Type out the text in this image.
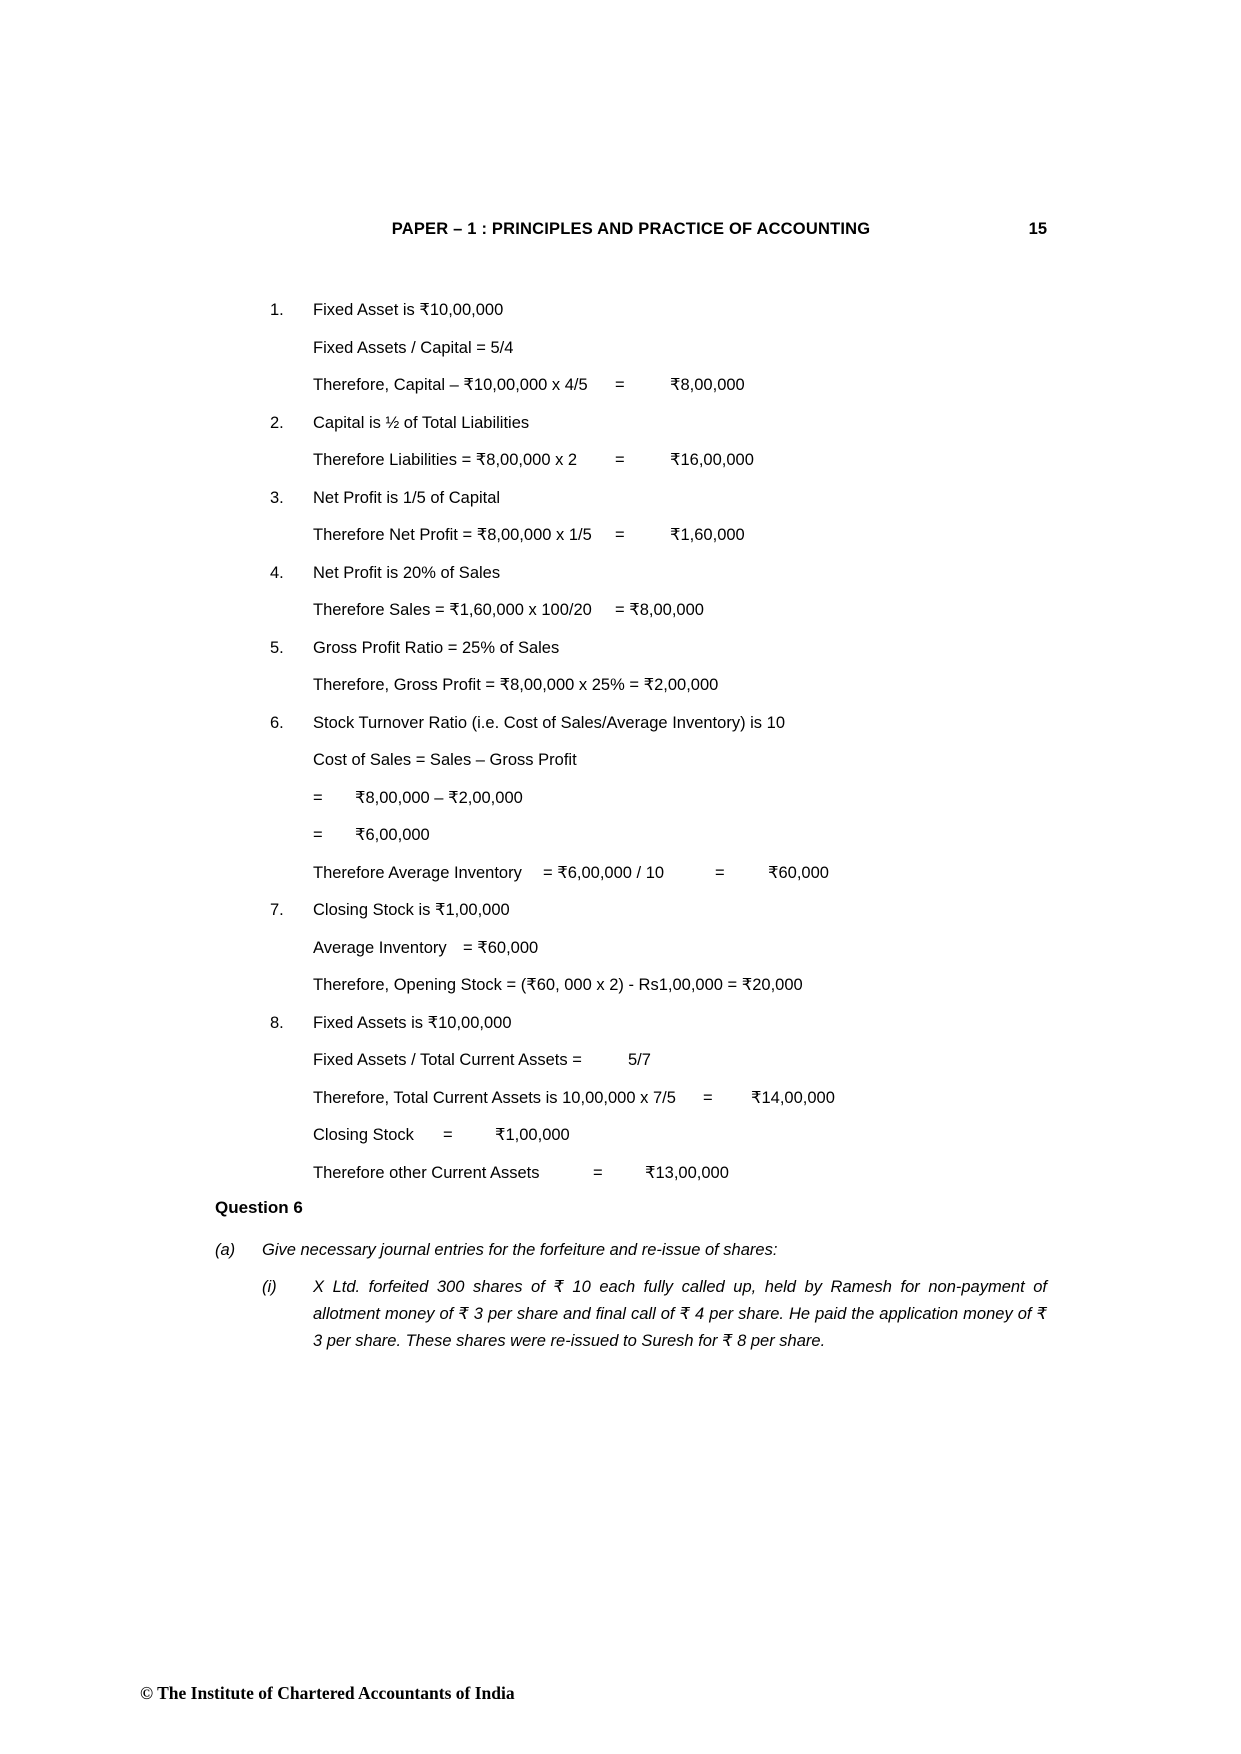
PAPER – 1 : PRINCIPLES AND PRACTICE OF ACCOUNTING	15
1.	Fixed Asset is ₹10,00,000
Fixed Assets / Capital = 5/4
Therefore, Capital – ₹10,00,000 x 4/5	=	₹8,00,000
2.	Capital is ½ of Total Liabilities
Therefore Liabilities = ₹8,00,000 x 2	=	₹16,00,000
3.	Net Profit is 1/5 of Capital
Therefore Net Profit = ₹8,00,000 x 1/5	=	₹1,60,000
4.	Net Profit is 20% of Sales
Therefore Sales = ₹1,60,000 x 100/20	= ₹8,00,000
5.	Gross Profit Ratio = 25% of Sales
Therefore, Gross Profit = ₹8,00,000 x 25% = ₹2,00,000
6.	Stock Turnover Ratio (i.e. Cost of Sales/Average Inventory) is 10
Cost of Sales = Sales – Gross Profit
=	₹8,00,000 – ₹2,00,000
=	₹6,00,000
Therefore Average Inventory	= ₹6,00,000 / 10	=	₹60,000
7.	Closing Stock is ₹1,00,000
Average Inventory = ₹60,000
Therefore, Opening Stock = (₹60, 000 x 2) - Rs1,00,000 = ₹20,000
8.	Fixed Assets is ₹10,00,000
Fixed Assets / Total Current Assets =	5/7
Therefore, Total Current Assets is 10,00,000 x 7/5	=	₹14,00,000
Closing Stock	=	₹1,00,000
Therefore other Current Assets	=	₹13,00,000
Question 6
(a)	Give necessary journal entries for the forfeiture and re-issue of shares:
(i)	X Ltd. forfeited 300 shares of ₹ 10 each fully called up, held by Ramesh for non-payment of allotment money of ₹ 3 per share and final call of ₹ 4 per share. He paid the application money of ₹ 3 per share. These shares were re-issued to Suresh for ₹ 8 per share.

© The Institute of Chartered Accountants of India
